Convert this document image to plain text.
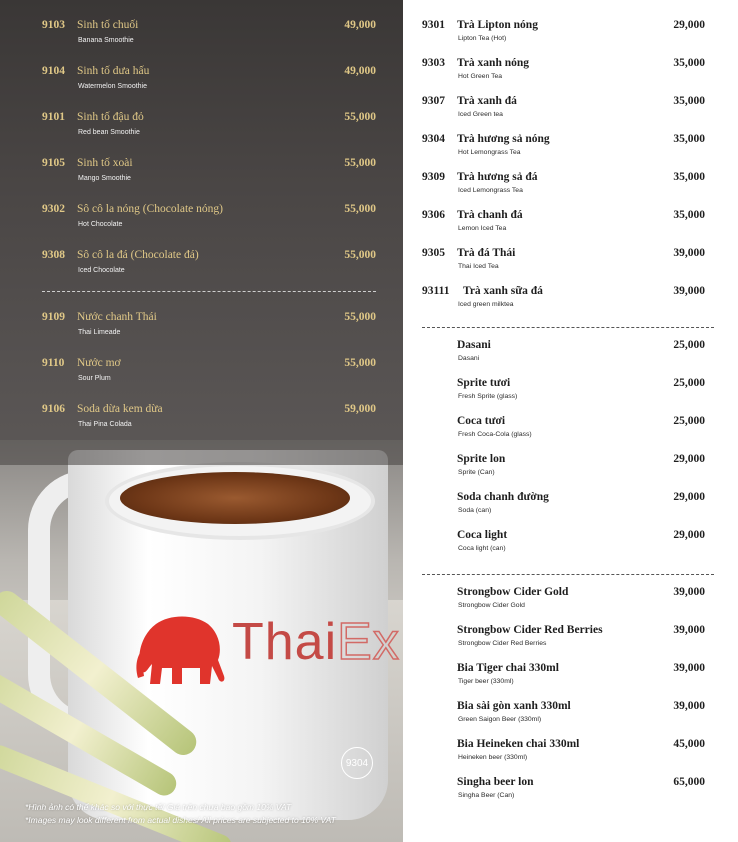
ThaiEx
9304
*Hình ảnh có thể khác so với thực tế/ Giá trên chưa bao gồm 10% VAT
*Images may look different from actual dishes/ All prices are subjected to 10% VAT
9103 Sinh tố chuối
Banana Smoothie
49,000
9104 Sinh tố dưa hấu
Watermelon Smoothie
49,000
9101 Sinh tố đậu đỏ
Red bean Smoothie
55,000
9105 Sinh tố xoài
Mango Smoothie
55,000
9302 Sô cô la nóng (Chocolate nóng)
Hot Chocolate
55,000
9308 Sô cô la đá (Chocolate đá)
Iced Chocolate
55,000
9109 Nước chanh Thái
Thai Limeade
55,000
9110 Nước mơ
Sour Plum
55,000
9106 Soda dừa kem dừa
Thai Pina Colada
59,000
9301 Trà Lipton nóng
Lipton Tea (Hot)
29,000
9303 Trà xanh nóng
Hot Green Tea
35,000
9307 Trà xanh đá
Iced Green tea
35,000
9304 Trà hương sả nóng
Hot Lemongrass Tea
35,000
9309 Trà hương sả đá
Iced Lemongrass Tea
35,000
9306 Trà chanh đá
Lemon Iced Tea
35,000
9305 Trà đá Thái
Thai Iced Tea
39,000
93111 Trà xanh sữa đá
Iced green milktea
39,000
Dasani
Dasani
25,000
Sprite tươi
Fresh Sprite (glass)
25,000
Coca tươi
Fresh Coca-Cola (glass)
25,000
Sprite lon
Sprite (Can)
29,000
Soda chanh đường
Soda (can)
29,000
Coca light
Coca light (can)
29,000
Strongbow Cider Gold
Strongbow Cider Gold
39,000
Strongbow Cider Red Berries
Strongbow Cider Red Berries
39,000
Bia Tiger chai 330ml
Tiger beer (330ml)
39,000
Bia sài gòn xanh 330ml
Green Saigon Beer (330ml)
39,000
Bia Heineken chai 330ml
Heineken beer (330ml)
45,000
Singha beer lon
Singha Beer (Can)
65,000
